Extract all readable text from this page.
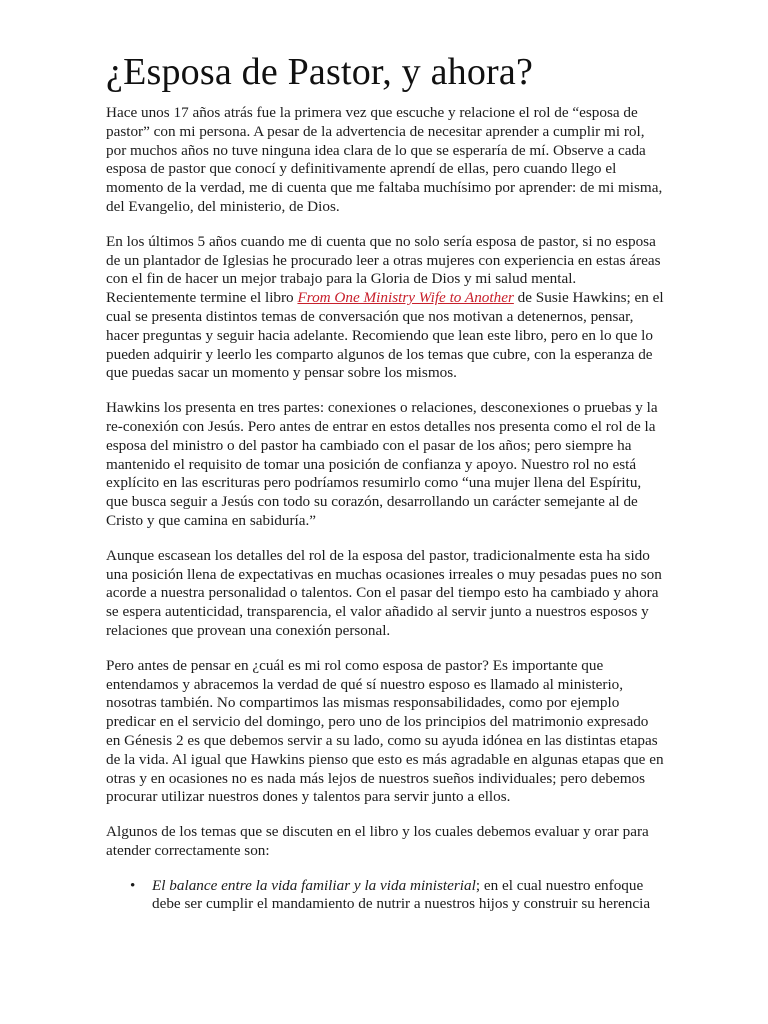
¿Esposa de Pastor, y ahora?

Hace unos 17 años atrás fue la primera vez que escuche y relacione el rol de “esposa de pastor” con mi persona. A pesar de la advertencia de necesitar aprender a cumplir mi rol, por muchos años no tuve ninguna idea clara de lo que se esperaría de mí. Observe a cada esposa de pastor que conocí y definitivamente aprendí de ellas, pero cuando llego el momento de la verdad, me di cuenta que me faltaba muchísimo por aprender: de mi misma, del Evangelio, del ministerio, de Dios.

En los últimos 5 años cuando me di cuenta que no solo sería esposa de pastor, si no esposa de un plantador de Iglesias he procurado leer a otras mujeres con experiencia en estas áreas con el fin de hacer un mejor trabajo para la Gloria de Dios y mi salud mental. Recientemente termine el libro From One Ministry Wife to Another de Susie Hawkins; en el cual se presenta distintos temas de conversación que nos motivan a detenernos, pensar, hacer preguntas y seguir hacia adelante. Recomiendo que lean este libro, pero en lo que lo pueden adquirir y leerlo les comparto algunos de los temas que cubre, con la esperanza de que puedas sacar un momento y pensar sobre los mismos.

Hawkins los presenta en tres partes: conexiones o relaciones, desconexiones o pruebas y la re-conexión con Jesús. Pero antes de entrar en estos detalles nos presenta como el rol de la esposa del ministro o del pastor ha cambiado con el pasar de los años; pero siempre ha mantenido el requisito de tomar una posición de confianza y apoyo. Nuestro rol no está explícito en las escrituras pero podríamos resumirlo como “una mujer llena del Espíritu, que busca seguir a Jesús con todo su corazón, desarrollando un carácter semejante al de Cristo y que camina en sabiduría.”

Aunque escasean los detalles del rol de la esposa del pastor, tradicionalmente esta ha sido una posición llena de expectativas en muchas ocasiones irreales o muy pesadas pues no son acorde a nuestra personalidad o talentos. Con el pasar del tiempo esto ha cambiado y ahora se espera autenticidad, transparencia, el valor añadido al servir junto a nuestros esposos y relaciones que provean una conexión personal.

Pero antes de pensar en ¿cuál es mi rol como esposa de pastor? Es importante que entendamos y abracemos la verdad de qué sí nuestro esposo es llamado al ministerio, nosotras también. No compartimos las mismas responsabilidades, como por ejemplo predicar en el servicio del domingo, pero uno de los principios del matrimonio expresado en Génesis 2 es que debemos servir a su lado, como su ayuda idónea en las distintas etapas de la vida. Al igual que Hawkins pienso que esto es más agradable en algunas etapas que en otras y en ocasiones no es nada más lejos de nuestros sueños individuales; pero debemos procurar utilizar nuestros dones y talentos para servir junto a ellos.

Algunos de los temas que se discuten en el libro y los cuales debemos evaluar y orar para atender correctamente son:

• El balance entre la vida familiar y la vida ministerial; en el cual nuestro enfoque debe ser cumplir el mandamiento de nutrir a nuestros hijos y construir su herencia
